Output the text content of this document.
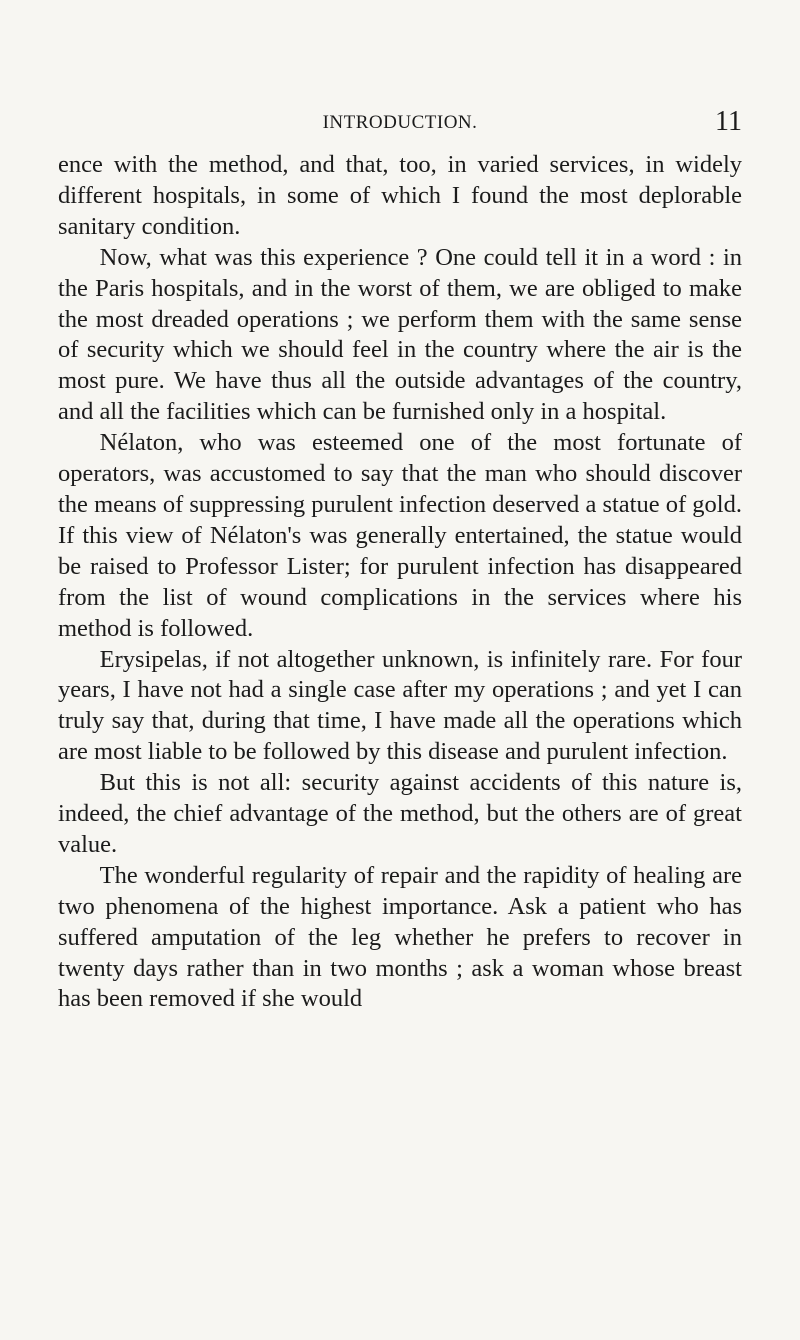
INTRODUCTION.	11

ence with the method, and that, too, in varied services, in widely different hospitals, in some of which I found the most deplorable sanitary condition.

Now, what was this experience ? One could tell it in a word : in the Paris hospitals, and in the worst of them, we are obliged to make the most dreaded operations ; we perform them with the same sense of security which we should feel in the country where the air is the most pure. We have thus all the outside advantages of the country, and all the facilities which can be furnished only in a hospital.

Nélaton, who was esteemed one of the most fortunate of operators, was accustomed to say that the man who should discover the means of suppressing purulent infection deserved a statue of gold. If this view of Nélaton's was generally entertained, the statue would be raised to Professor Lister; for purulent infection has disappeared from the list of wound complications in the services where his method is followed.

Erysipelas, if not altogether unknown, is infinitely rare. For four years, I have not had a single case after my operations ; and yet I can truly say that, during that time, I have made all the operations which are most liable to be followed by this disease and purulent infection.

But this is not all: security against accidents of this nature is, indeed, the chief advantage of the method, but the others are of great value.

The wonderful regularity of repair and the rapidity of healing are two phenomena of the highest importance. Ask a patient who has suffered amputation of the leg whether he prefers to recover in twenty days rather than in two months ; ask a woman whose breast has been removed if she would
